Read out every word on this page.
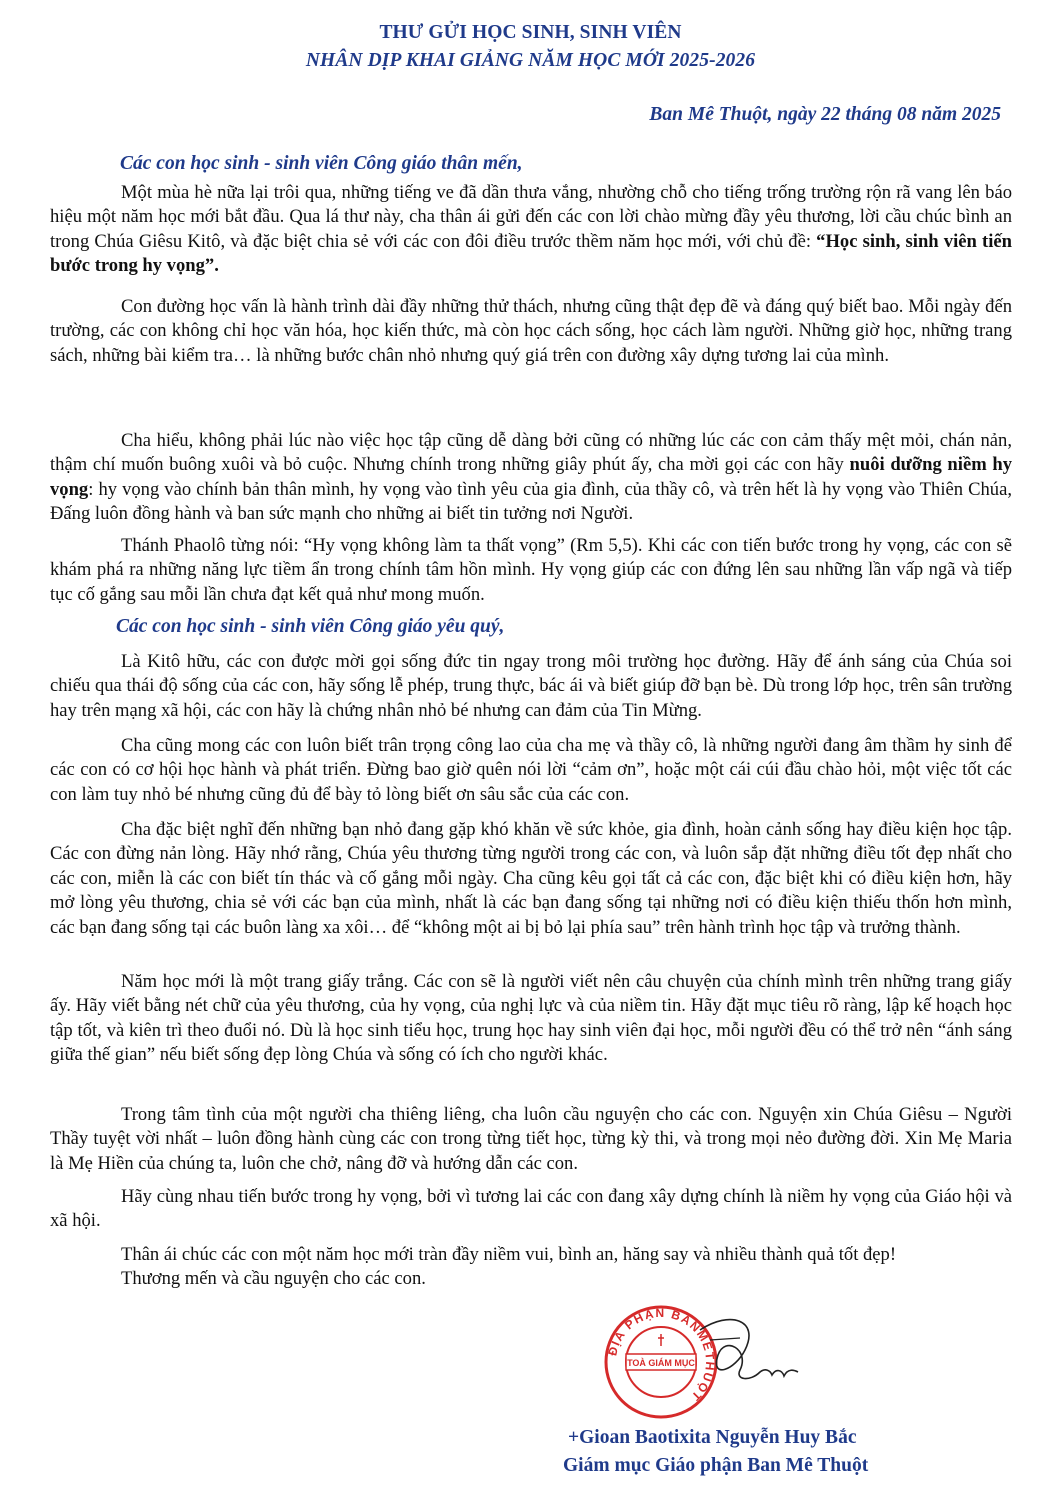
THƯ GỬI HỌC SINH, SINH VIÊN
NHÂN DỊP KHAI GIẢNG NĂM HỌC MỚI 2025-2026
Ban Mê Thuột, ngày 22 tháng 08 năm 2025
Các con học sinh - sinh viên Công giáo thân mến,

Một mùa hè nữa lại trôi qua, những tiếng ve đã dần thưa vắng, nhường chỗ cho tiếng trống trường rộn rã vang lên báo hiệu một năm học mới bắt đầu. Qua lá thư này, cha thân ái gửi đến các con lời chào mừng đầy yêu thương, lời cầu chúc bình an trong Chúa Giêsu Kitô, và đặc biệt chia sẻ với các con đôi điều trước thềm năm học mới, với chủ đề: “Học sinh, sinh viên tiến bước trong hy vọng”.

Con đường học vấn là hành trình dài đầy những thử thách, nhưng cũng thật đẹp đẽ và đáng quý biết bao. Mỗi ngày đến trường, các con không chỉ học văn hóa, học kiến thức, mà còn học cách sống, học cách làm người. Những giờ học, những trang sách, những bài kiểm tra… là những bước chân nhỏ nhưng quý giá trên con đường xây dựng tương lai của mình.

Cha hiểu, không phải lúc nào việc học tập cũng dễ dàng bởi cũng có những lúc các con cảm thấy mệt mỏi, chán nản, thậm chí muốn buông xuôi và bỏ cuộc. Nhưng chính trong những giây phút ấy, cha mời gọi các con hãy nuôi dưỡng niềm hy vọng: hy vọng vào chính bản thân mình, hy vọng vào tình yêu của gia đình, của thầy cô, và trên hết là hy vọng vào Thiên Chúa, Đấng luôn đồng hành và ban sức mạnh cho những ai biết tin tưởng nơi Người.

Thánh Phaolô từng nói: “Hy vọng không làm ta thất vọng” (Rm 5,5). Khi các con tiến bước trong hy vọng, các con sẽ khám phá ra những năng lực tiềm ẩn trong chính tâm hồn mình. Hy vọng giúp các con đứng lên sau những lần vấp ngã và tiếp tục cố gắng sau mỗi lần chưa đạt kết quả như mong muốn.

Các con học sinh - sinh viên Công giáo yêu quý,

Là Kitô hữu, các con được mời gọi sống đức tin ngay trong môi trường học đường. Hãy để ánh sáng của Chúa soi chiếu qua thái độ sống của các con, hãy sống lễ phép, trung thực, bác ái và biết giúp đỡ bạn bè. Dù trong lớp học, trên sân trường hay trên mạng xã hội, các con hãy là chứng nhân nhỏ bé nhưng can đảm của Tin Mừng.

Cha cũng mong các con luôn biết trân trọng công lao của cha mẹ và thầy cô, là những người đang âm thầm hy sinh để các con có cơ hội học hành và phát triển. Đừng bao giờ quên nói lời “cảm ơn”, hoặc một cái cúi đầu chào hỏi, một việc tốt các con làm tuy nhỏ bé nhưng cũng đủ để bày tỏ lòng biết ơn sâu sắc của các con.

Cha đặc biệt nghĩ đến những bạn nhỏ đang gặp khó khăn về sức khỏe, gia đình, hoàn cảnh sống hay điều kiện học tập. Các con đừng nản lòng. Hãy nhớ rằng, Chúa yêu thương từng người trong các con, và luôn sắp đặt những điều tốt đẹp nhất cho các con, miễn là các con biết tín thác và cố gắng mỗi ngày. Cha cũng kêu gọi tất cả các con, đặc biệt khi có điều kiện hơn, hãy mở lòng yêu thương, chia sẻ với các bạn của mình, nhất là các bạn đang sống tại những nơi có điều kiện thiếu thốn hơn mình, các bạn đang sống tại các buôn làng xa xôi… để “không một ai bị bỏ lại phía sau” trên hành trình học tập và trưởng thành.

Năm học mới là một trang giấy trắng. Các con sẽ là người viết nên câu chuyện của chính mình trên những trang giấy ấy. Hãy viết bằng nét chữ của yêu thương, của hy vọng, của nghị lực và của niềm tin. Hãy đặt mục tiêu rõ ràng, lập kế hoạch học tập tốt, và kiên trì theo đuổi nó. Dù là học sinh tiểu học, trung học hay sinh viên đại học, mỗi người đều có thể trở nên “ánh sáng giữa thế gian” nếu biết sống đẹp lòng Chúa và sống có ích cho người khác.

Trong tâm tình của một người cha thiêng liêng, cha luôn cầu nguyện cho các con. Nguyện xin Chúa Giêsu – Người Thầy tuyệt vời nhất – luôn đồng hành cùng các con trong từng tiết học, từng kỳ thi, và trong mọi nẻo đường đời. Xin Mẹ Maria là Mẹ Hiền của chúng ta, luôn che chở, nâng đỡ và hướng dẫn các con.

Hãy cùng nhau tiến bước trong hy vọng, bởi vì tương lai các con đang xây dựng chính là niềm hy vọng của Giáo hội và xã hội.

Thân ái chúc các con một năm học mới tràn đầy niềm vui, bình an, hăng say và nhiều thành quả tốt đẹp!
Thương mến và cầu nguyện cho các con.
ĐỊA PHẬN BANMÊTHUỘT
TOÀ GIÁM MỤC
+Gioan Baotixita Nguyễn Huy Bắc
Giám mục Giáo phận Ban Mê Thuột
